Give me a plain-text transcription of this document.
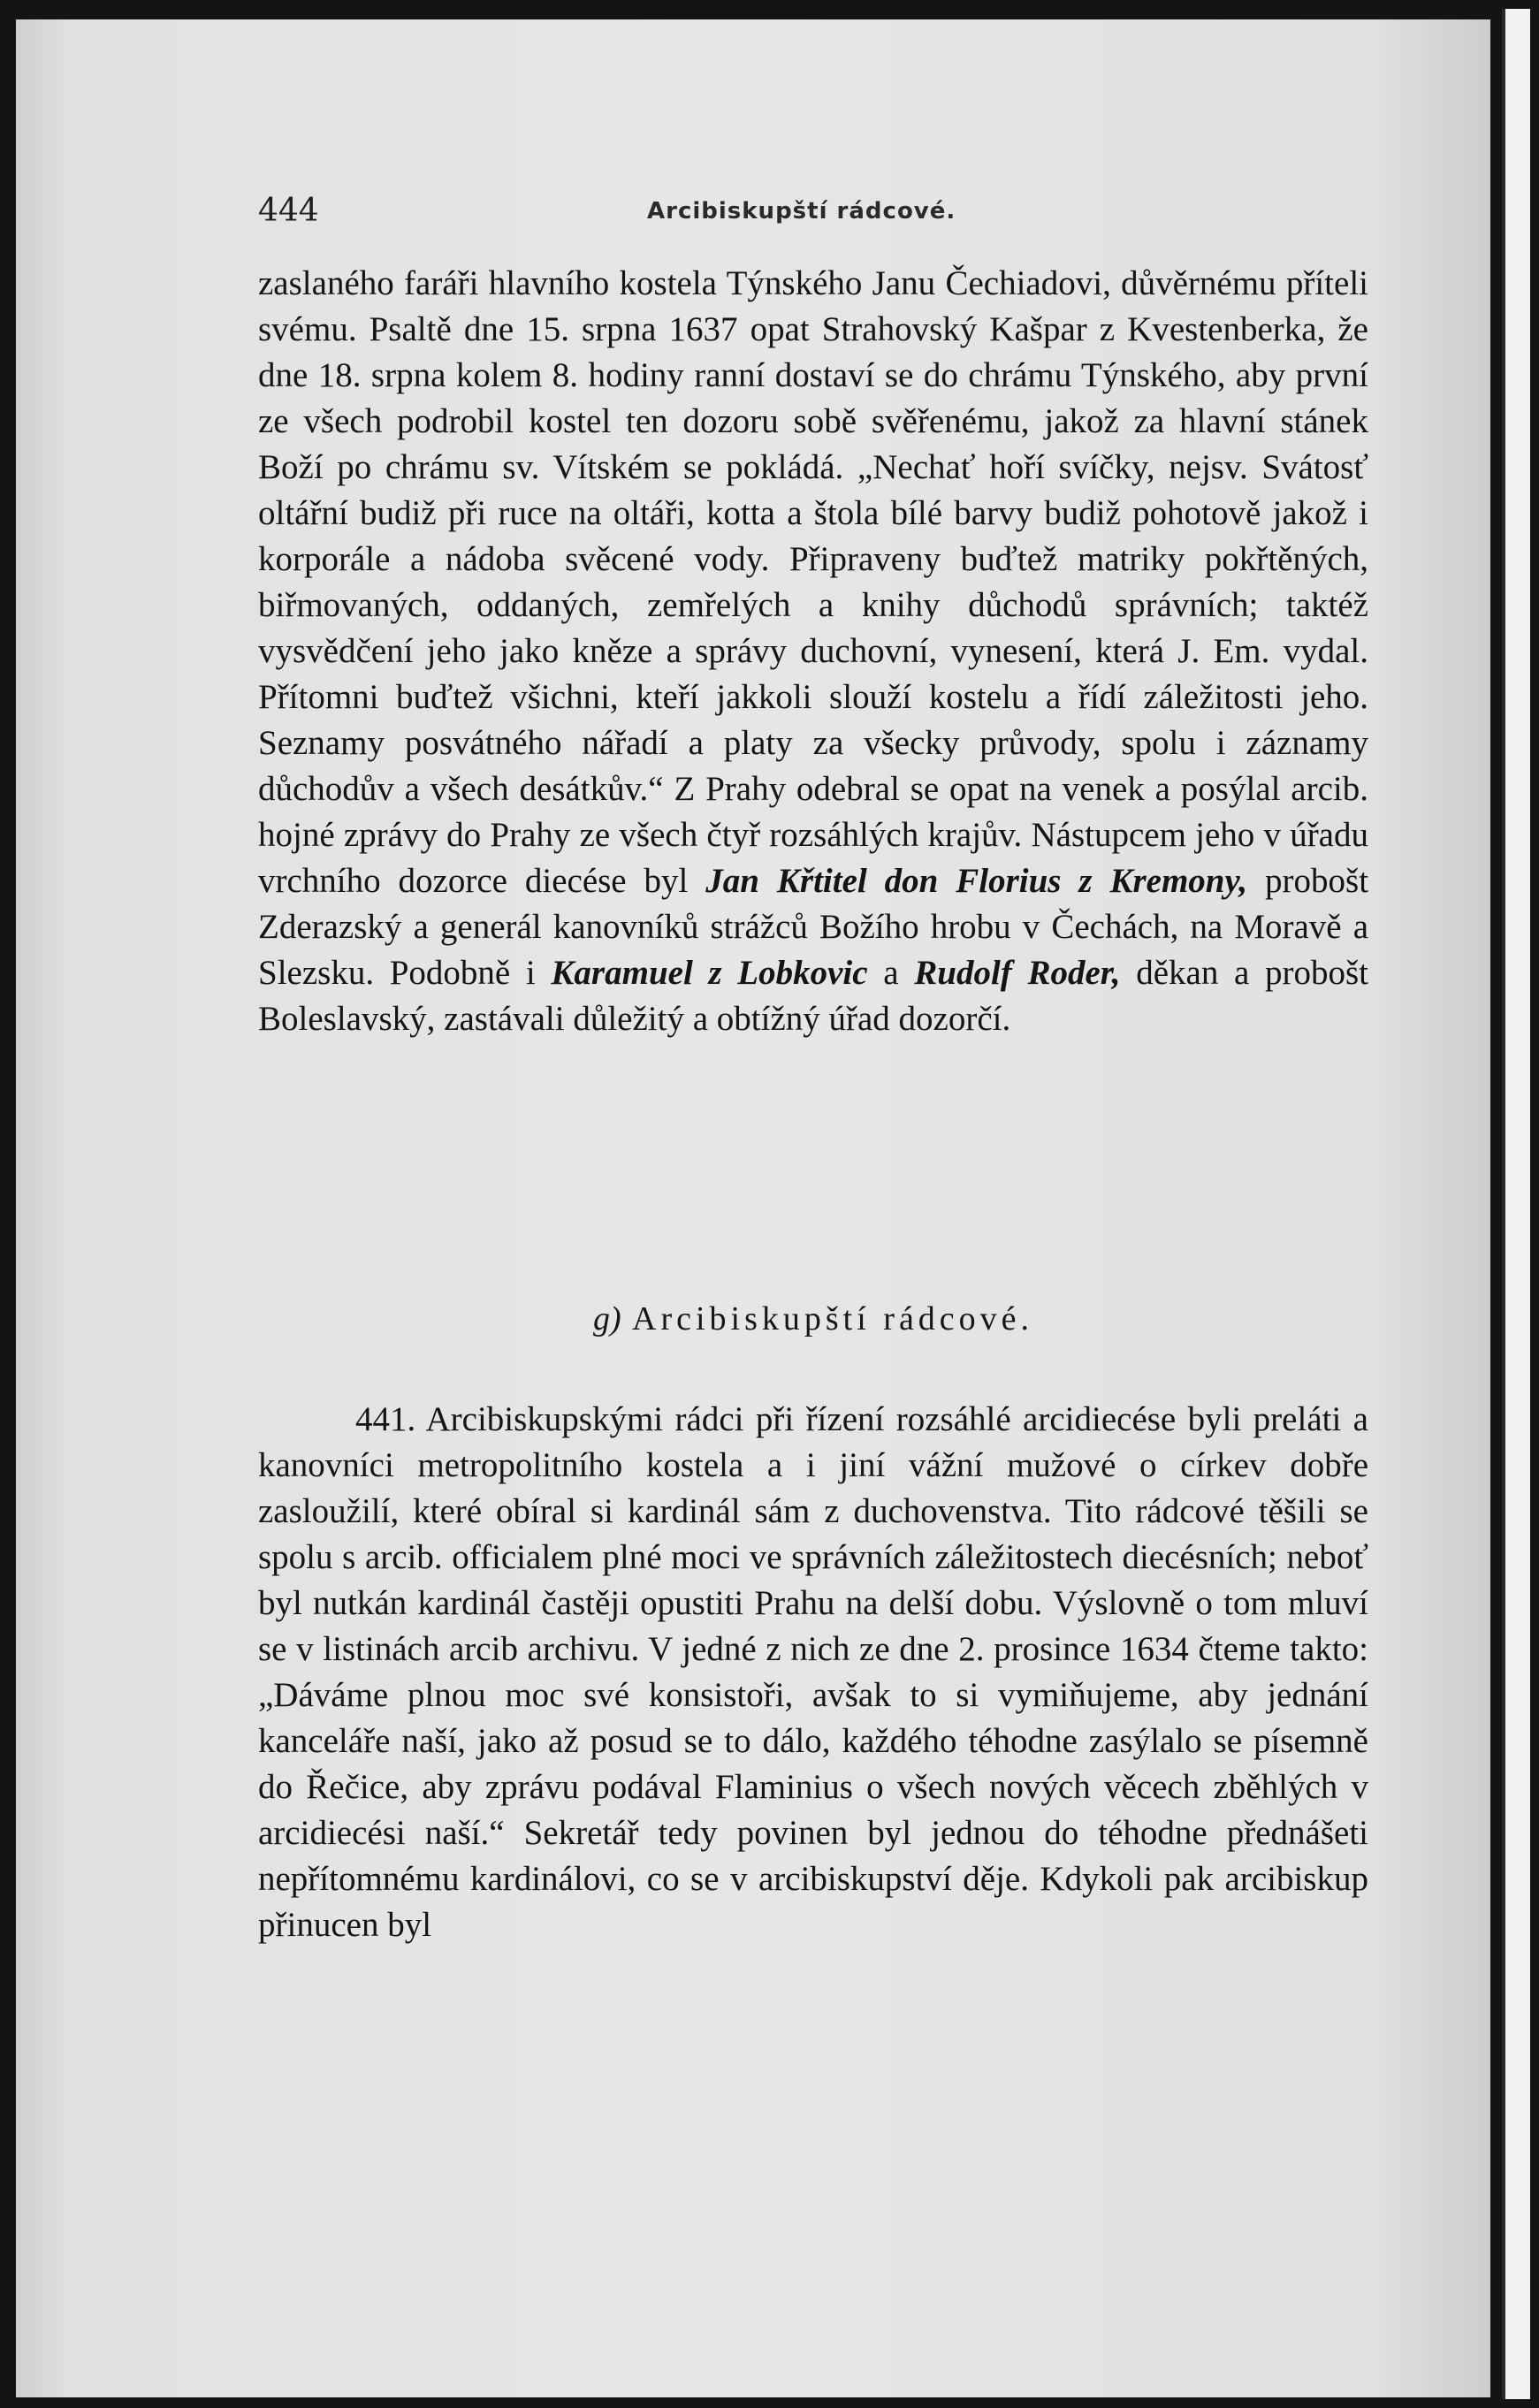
444	Arcibiskupští rádcové.
zaslaného faráři hlavního kostela Týnského Janu Čechiadovi, důvěrnému příteli svému. Psaltě dne 15. srpna 1637 opat Strahovský Kašpar z Kvestenberka, že dne 18. srpna kolem 8. hodiny ranní dostaví se do chrámu Týnského, aby první ze všech podrobil kostel ten dozoru sobě svěřenému, jakož za hlavní stánek Boží po chrámu sv. Vítském se pokládá. „Nechať hoří svíčky, nejsv. Svátosť oltářní budiž při ruce na oltáři, kotta a štola bílé barvy budiž pohotově jakož i korporále a nádoba svěcené vody. Připraveny buďtež matriky pokřtěných, biřmovaných, oddaných, zemřelých a knihy důchodů správních; taktéž vysvědčení jeho jako kněze a správy duchovní, vynesení, která J. Em. vydal. Přítomni buďtež všichni, kteří jakkoli slouží kostelu a řídí záležitosti jeho. Seznamy posvátného nářadí a platy za všecky průvody, spolu i záznamy důchodův a všech desátkův.“ Z Prahy odebral se opat na venek a posýlal arcib. hojné zprávy do Prahy ze všech čtyř rozsáhlých krajův. Nástupcem jeho v úřadu vrchního dozorce diecése byl Jan Křtitel don Florius z Kremony, probošt Zderazský a generál kanovníků strážců Božího hrobu v Čechách, na Moravě a Slezsku. Podobně i Karamuel z Lobkovic a Rudolf Roder, děkan a probošt Boleslavský, zastávali důležitý a obtížný úřad dozorčí.
g) Arcibiskupští rádcové.
441. Arcibiskupskými rádci při řízení rozsáhlé arcidiecése byli preláti a kanovníci metropolitního kostela a i jiní vážní mužové o církev dobře zasloužilí, které obíral si kardinál sám z duchovenstva. Tito rádcové těšili se spolu s arcib. officialem plné moci ve správních záležitostech diecésních; neboť byl nutkán kardinál častěji opustiti Prahu na delší dobu. Výslovně o tom mluví se v listinách arcib archivu. V jedné z nich ze dne 2. prosince 1634 čteme takto: „Dáváme plnou moc své konsistoři, avšak to si vymiňujeme, aby jednání kanceláře naší, jako až posud se to dálo, každého téhodne zasýlalo se písemně do Řečice, aby zprávu podával Flaminius o všech nových věcech zběhlých v arcidiecési naší.“ Sekretář tedy povinen byl jednou do téhodne přednášeti nepřítomnému kardinálovi, co se v arcibiskupství děje. Kdykoli pak arcibiskup přinucen byl
